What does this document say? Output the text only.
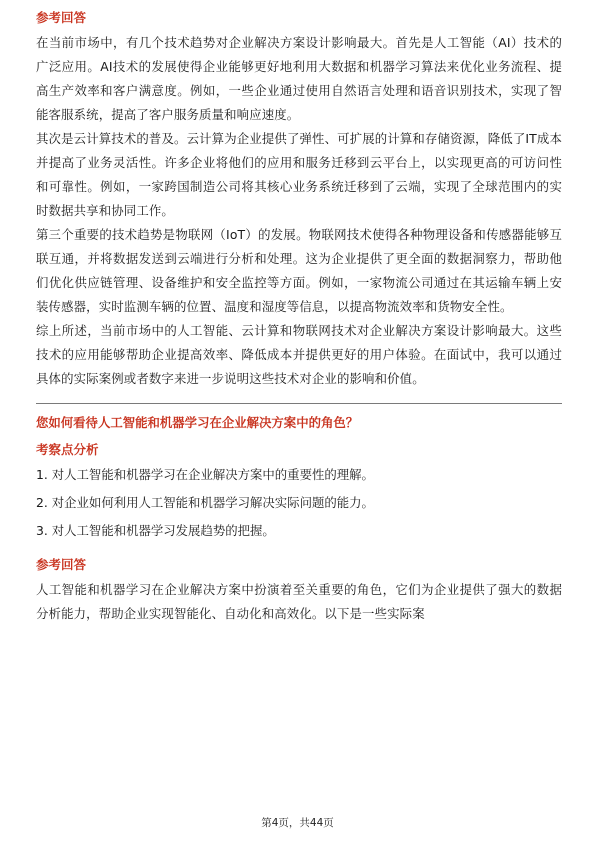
参考回答

在当前市场中，有几个技术趋势对企业解决方案设计影响最大。首先是人工智能（AI）技术的广泛应用。AI技术的发展使得企业能够更好地利用大数据和机器学习算法来优化业务流程、提高生产效率和客户满意度。例如，一些企业通过使用自然语言处理和语音识别技术，实现了智能客服系统，提高了客户服务质量和响应速度。

其次是云计算技术的普及。云计算为企业提供了弹性、可扩展的计算和存储资源，降低了IT成本并提高了业务灵活性。许多企业将他们的应用和服务迁移到云平台上，以实现更高的可访问性和可靠性。例如，一家跨国制造公司将其核心业务系统迁移到了云端，实现了全球范围内的实时数据共享和协同工作。

第三个重要的技术趋势是物联网（IoT）的发展。物联网技术使得各种物理设备和传感器能够互联互通，并将数据发送到云端进行分析和处理。这为企业提供了更全面的数据洞察力，帮助他们优化供应链管理、设备维护和安全监控等方面。例如，一家物流公司通过在其运输车辆上安装传感器，实时监测车辆的位置、温度和湿度等信息，以提高物流效率和货物安全性。

综上所述，当前市场中的人工智能、云计算和物联网技术对企业解决方案设计影响最大。这些技术的应用能够帮助企业提高效率、降低成本并提供更好的用户体验。在面试中，我可以通过具体的实际案例或者数字来进一步说明这些技术对企业的影响和价值。

您如何看待人工智能和机器学习在企业解决方案中的角色？
考察点分析
1. 对人工智能和机器学习在企业解决方案中的重要性的理解。
2. 对企业如何利用人工智能和机器学习解决实际问题的能力。
3. 对人工智能和机器学习发展趋势的把握。
参考回答

人工智能和机器学习在企业解决方案中扮演着至关重要的角色，它们为企业提供了强大的数据分析能力，帮助企业实现智能化、自动化和高效化。以下是一些实际案

第4页，共44页
